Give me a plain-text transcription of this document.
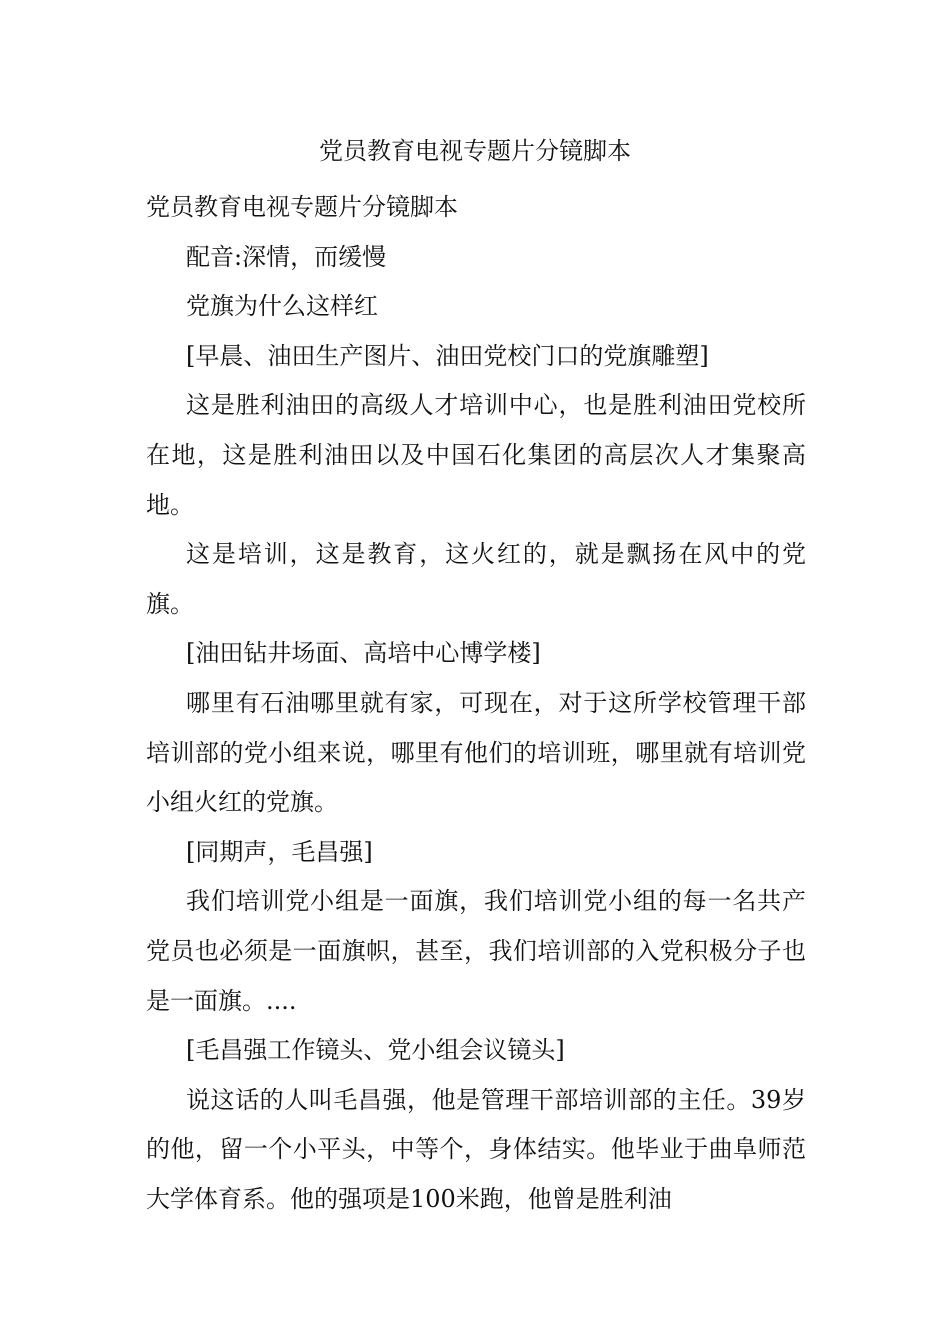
党员教育电视专题片分镜脚本

党员教育电视专题片分镜脚本

配音:深情，而缓慢

党旗为什么这样红

[早晨、油田生产图片、油田党校门口的党旗雕塑]

这是胜利油田的高级人才培训中心，也是胜利油田党校所在地，这是胜利油田以及中国石化集团的高层次人才集聚高地。

这是培训，这是教育，这火红的，就是飘扬在风中的党旗。

[油田钻井场面、高培中心博学楼]

哪里有石油哪里就有家，可现在，对于这所学校管理干部培训部的党小组来说，哪里有他们的培训班，哪里就有培训党小组火红的党旗。

[同期声，毛昌强]

我们培训党小组是一面旗，我们培训党小组的每一名共产党员也必须是一面旗帜，甚至，我们培训部的入党积极分子也是一面旗。....

[毛昌强工作镜头、党小组会议镜头]

说这话的人叫毛昌强，他是管理干部培训部的主任。39岁的他，留一个小平头，中等个，身体结实。他毕业于曲阜师范大学体育系。他的强项是100米跑，他曾是胜利油
